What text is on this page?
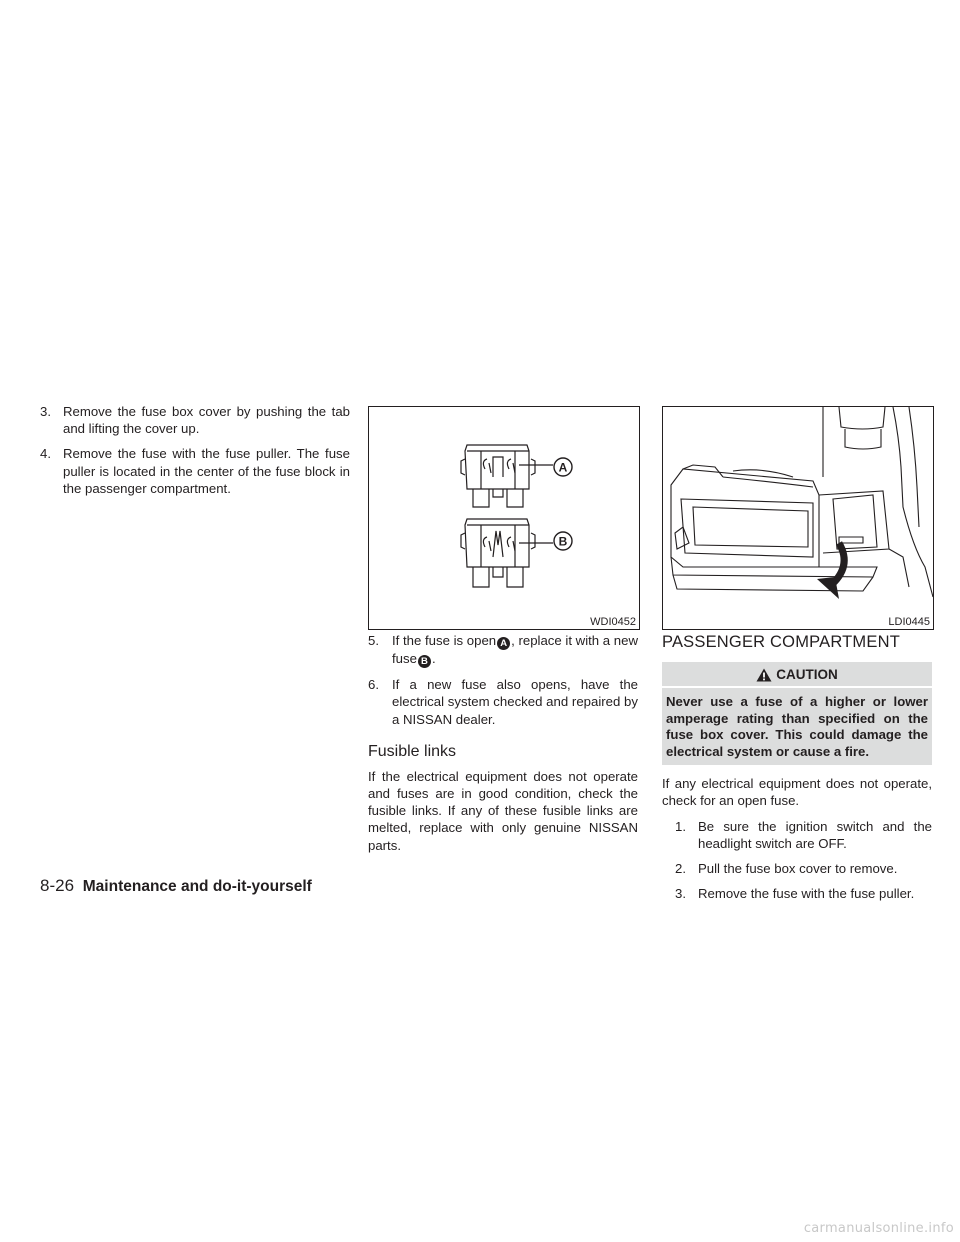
3. Remove the fuse box cover by pushing the tab and lifting the cover up.
4. Remove the fuse with the fuse puller. The fuse puller is located in the center of the fuse block in the passenger compartment.
A
B
WDI0452	LDI0445
5. If the fuse is open A , replace it with a new fuse B .
6. If a new fuse also opens, have the electrical system checked and repaired by a NISSAN dealer.
Fusible links

If the electrical equipment does not operate and fuses are in good condition, check the fusible links. If any of these fusible links are melted, replace with only genuine NISSAN parts.

PASSENGER COMPARTMENT
CAUTION
Never use a fuse of a higher or lower amperage rating than specified on the fuse box cover. This could damage the electrical system or cause a fire.

If any electrical equipment does not operate, check for an open fuse.

1. Be sure the ignition switch and the headlight switch are OFF.
2. Pull the fuse box cover to remove.
3. Remove the fuse with the fuse puller.
8-26 Maintenance and do-it-yourself
carmanualsonline.info
